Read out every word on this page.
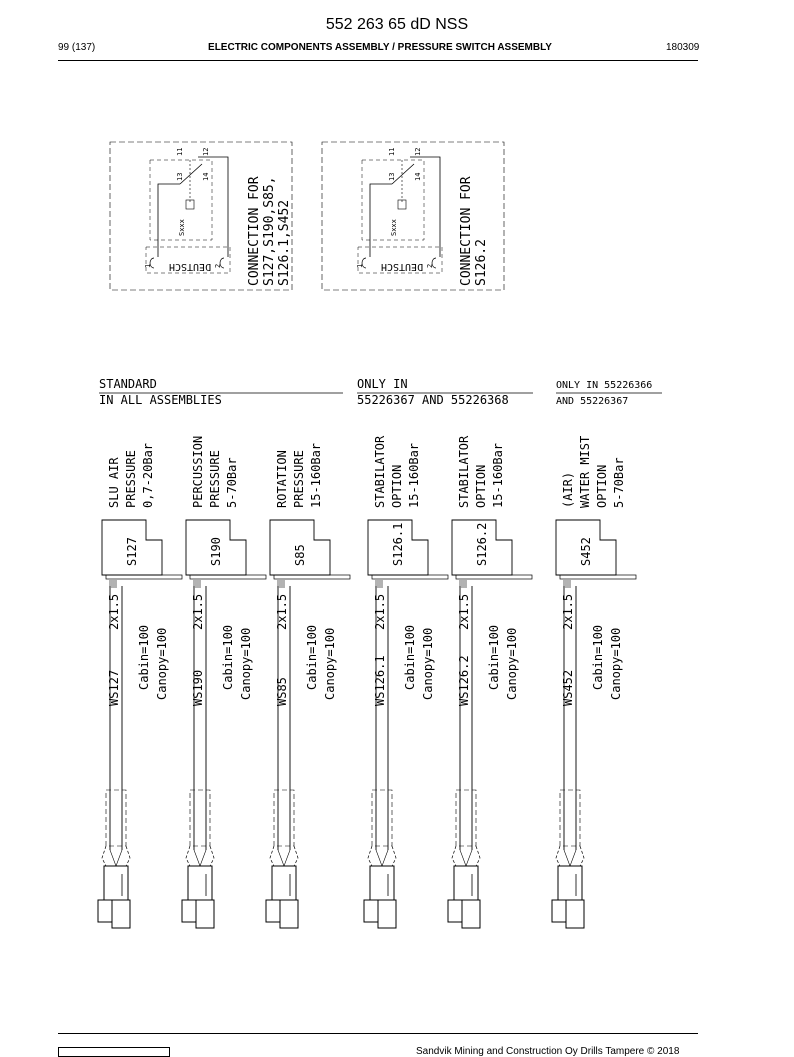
552 263 65 dD NSS
99 (137)	ELECTRIC COMPONENTS ASSEMBLY / PRESSURE SWITCH ASSEMBLY	180309
11	12
13	14
Sxxx
DEUTSCH
1	2 CONNECTION FOR S127,S190,S85, S126.1,S452
11	12
13	14
Sxxx
DEUTSCH
1	2 CONNECTION FOR S126.2
STANDARD
IN ALL ASSEMBLIES
ONLY IN
55226367 AND 55226368
ONLY IN 55226366
AND 55226367
SLU AIR PRESSURE 0,7-20Bar
S127
WS127
2x1.5
Cabin=100 Canopy=100
PERCUSSION PRESSURE 5-70Bar
S190
WS190
2x1.5
Cabin=100 Canopy=100
ROTATION PRESSURE 15-160Bar
S85
WS85
2x1.5
Cabin=100 Canopy=100
STABILATOR OPTION 15-160Bar
S126.1
WS126.1
2x1.5
Cabin=100 Canopy=100
STABILATOR OPTION 15-160Bar
S126.2
WS126.2
2x1.5
Cabin=100 Canopy=100
(AIR) WATER MIST OPTION 5-70Bar
S452
WS452
2x1.5
Cabin=100 Canopy=100
Sandvik Mining and Construction Oy Drills Tampere © 2018
